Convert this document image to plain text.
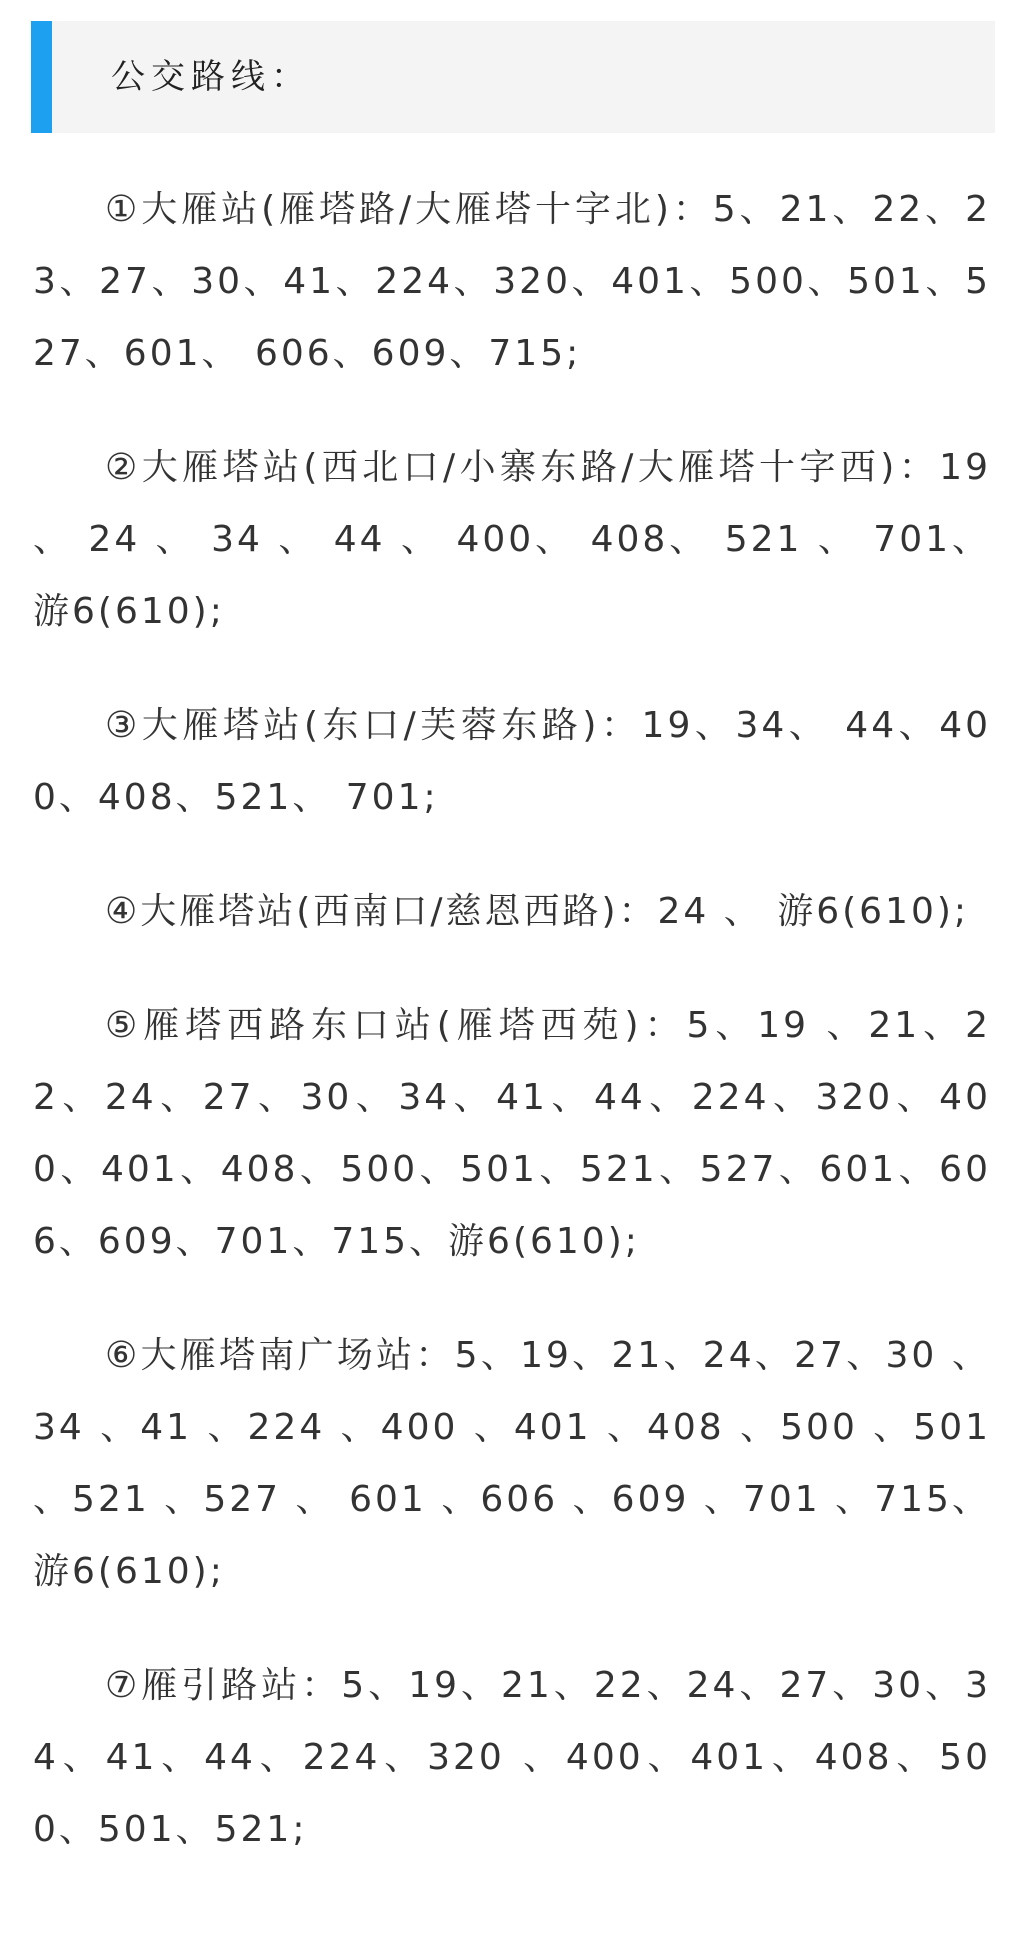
公交路线：

①大雁站(雁塔路/大雁塔十字北)：5、21、22、23、27、30、41、224、320、401、500、501、527、601、 606、609、715;

②大雁塔站(西北口/小寨东路/大雁塔十字西)：19 、 24 、 34 、 44 、 400、 408、 521 、 701、 游6(610);

③大雁塔站(东口/芙蓉东路)：19、34、 44、400、408、521、 701;

④大雁塔站(西南口/慈恩西路)：24 、 游6(610);

⑤雁塔西路东口站(雁塔西苑)：5、19 、21、22、24、27、30、34、41、44、224、320、400、401、408、500、501、521、527、601、606、609、701、715、游6(610);

⑥大雁塔南广场站：5、19、21、24、27、30 、34 、41 、224 、400 、401 、408 、500 、501 、521 、527 、 601 、606 、609 、701 、715、游6(610);

⑦雁引路站：5、19、21、22、24、27、30、34、41、44、224、320 、400、401、408、500、501、521;
